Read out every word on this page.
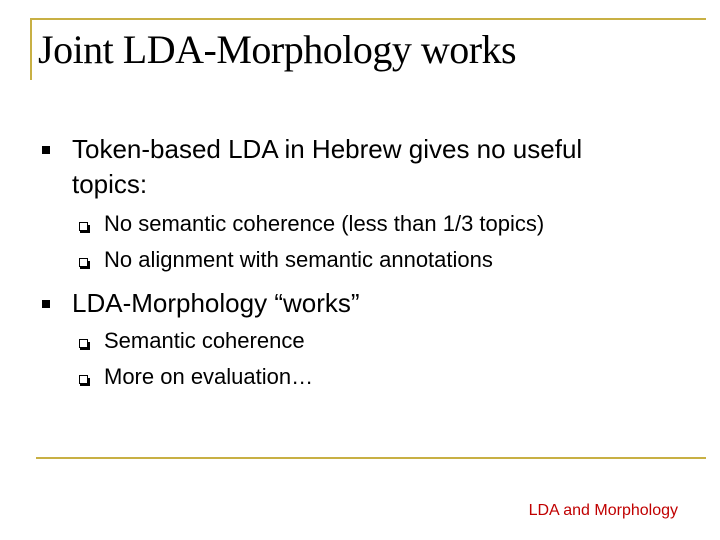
Joint LDA-Morphology works
Token-based LDA in Hebrew gives no useful
topics:
No semantic coherence (less than 1/3 topics)
No alignment with semantic annotations
LDA-Morphology “works”
Semantic coherence
More on evaluation…
LDA and Morphology
